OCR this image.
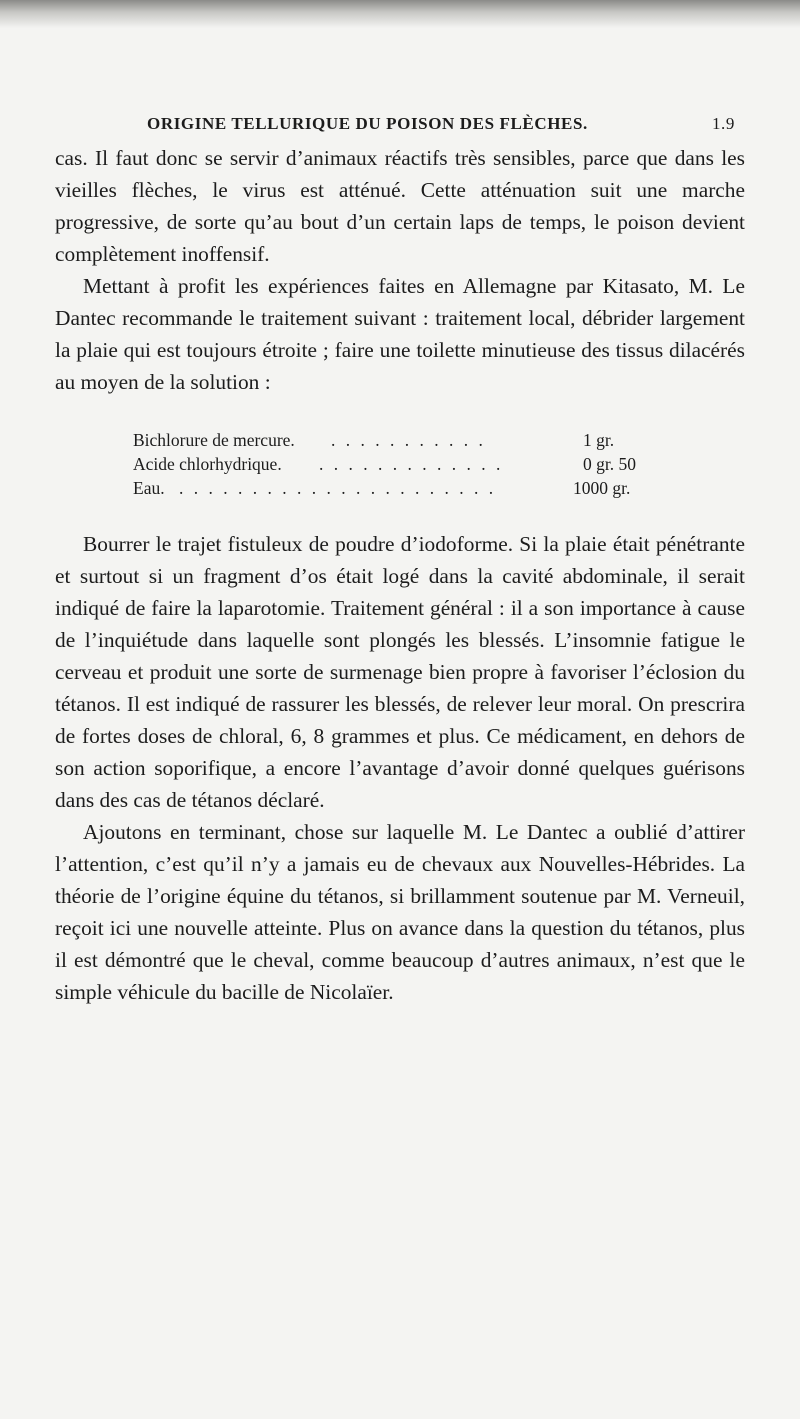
ORIGINE TELLURIQUE DU POISON DES FLÈCHES.	1.9

cas. Il faut donc se servir d’animaux réactifs très sensibles, parce que dans les vieilles flèches, le virus est atténué. Cette atténuation suit une marche progressive, de sorte qu’au bout d’un certain laps de temps, le poison devient complètement inoffensif.

Mettant à profit les expériences faites en Allemagne par Kitasato, M. Le Dantec recommande le traitement suivant : traitement local, débrider largement la plaie qui est toujours étroite ; faire une toilette minutieuse des tissus dilacérés au moyen de la solution :

Bichlorure de mercure. . . . . . . . . . . .	1 gr.
Acide chlorhydrique. . . . . . . . . . . . . .	0 gr. 50
Eau. . . . . . . . . . . . . . . . . . . . . . .	1000 gr.

Bourrer le trajet fistuleux de poudre d’iodoforme. Si la plaie était pénétrante et surtout si un fragment d’os était logé dans la cavité abdominale, il serait indiqué de faire la laparotomie. Traitement général : il a son importance à cause de l’inquiétude dans laquelle sont plongés les blessés. L’insomnie fatigue le cerveau et produit une sorte de surmenage bien propre à favoriser l’éclosion du tétanos. Il est indiqué de rassurer les blessés, de relever leur moral. On prescrira de fortes doses de chloral, 6, 8 grammes et plus. Ce médicament, en dehors de son action soporifique, a encore l’avantage d’avoir donné quelques guérisons dans des cas de tétanos déclaré.

Ajoutons en terminant, chose sur laquelle M. Le Dantec a oublié d’attirer l’attention, c’est qu’il n’y a jamais eu de chevaux aux Nouvelles-Hébrides. La théorie de l’origine équine du tétanos, si brillamment soutenue par M. Verneuil, reçoit ici une nouvelle atteinte. Plus on avance dans la question du tétanos, plus il est démontré que le cheval, comme beaucoup d’autres animaux, n’est que le simple véhicule du bacille de Nicolaïer.
